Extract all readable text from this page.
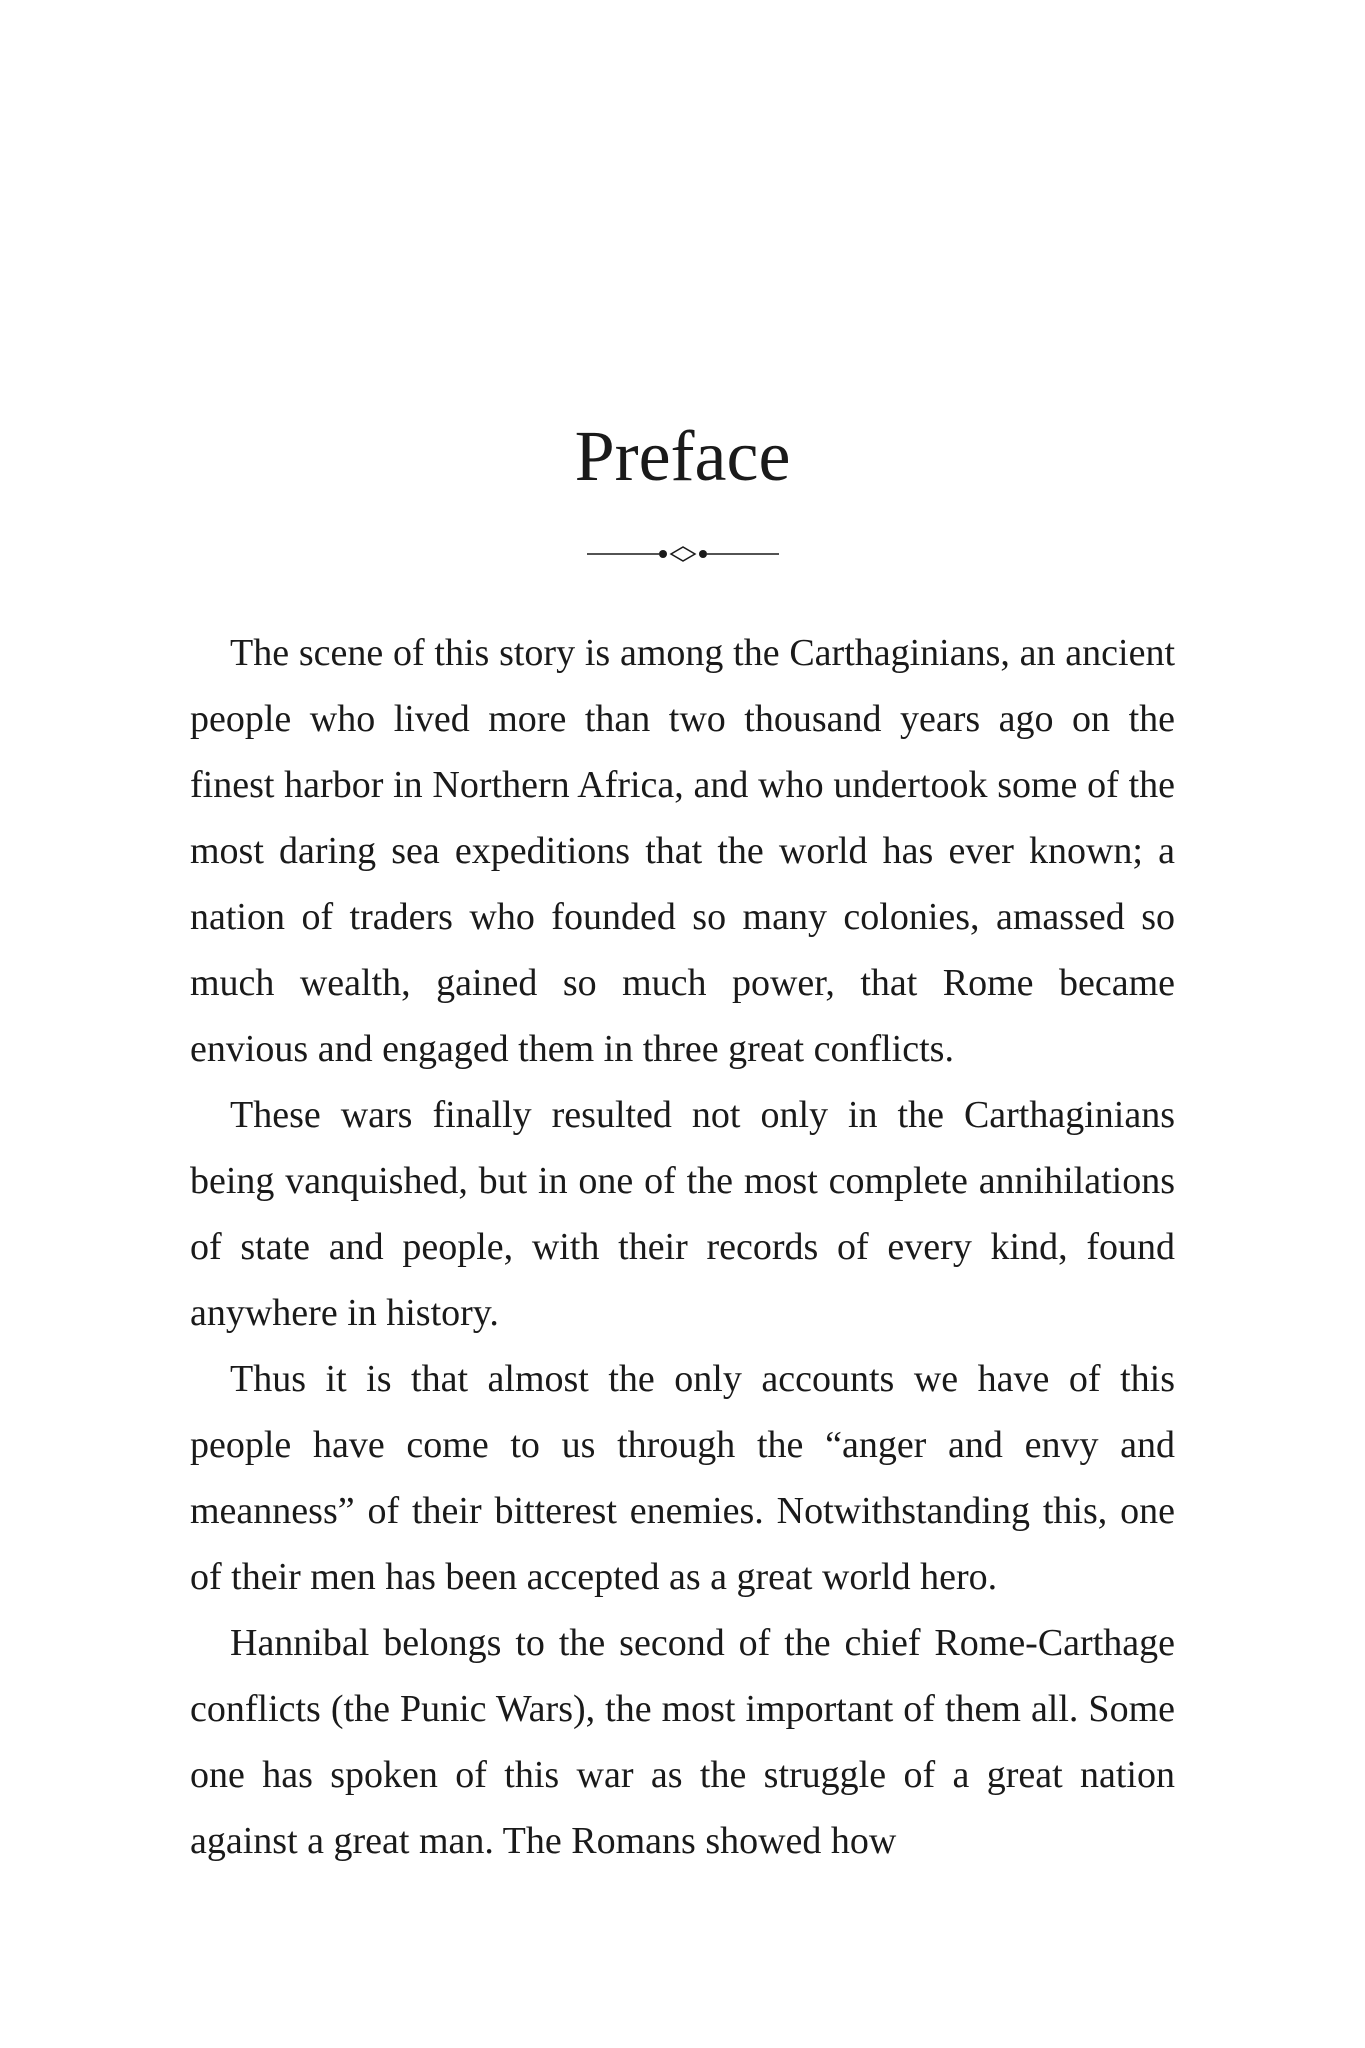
Preface

The scene of this story is among the Carthaginians, an ancient people who lived more than two thousand years ago on the finest harbor in Northern Africa, and who undertook some of the most daring sea expeditions that the world has ever known; a nation of traders who founded so many colonies, amassed so much wealth, gained so much power, that Rome became envious and engaged them in three great conflicts.

These wars finally resulted not only in the Carthaginians being vanquished, but in one of the most complete annihilations of state and people, with their records of every kind, found anywhere in history.

Thus it is that almost the only accounts we have of this people have come to us through the “anger and envy and meanness” of their bitterest enemies. Notwithstanding this, one of their men has been accepted as a great world hero.

Hannibal belongs to the second of the chief Rome-Carthage conflicts (the Punic Wars), the most important of them all. Some one has spoken of this war as the struggle of a great nation against a great man. The Romans showed how
